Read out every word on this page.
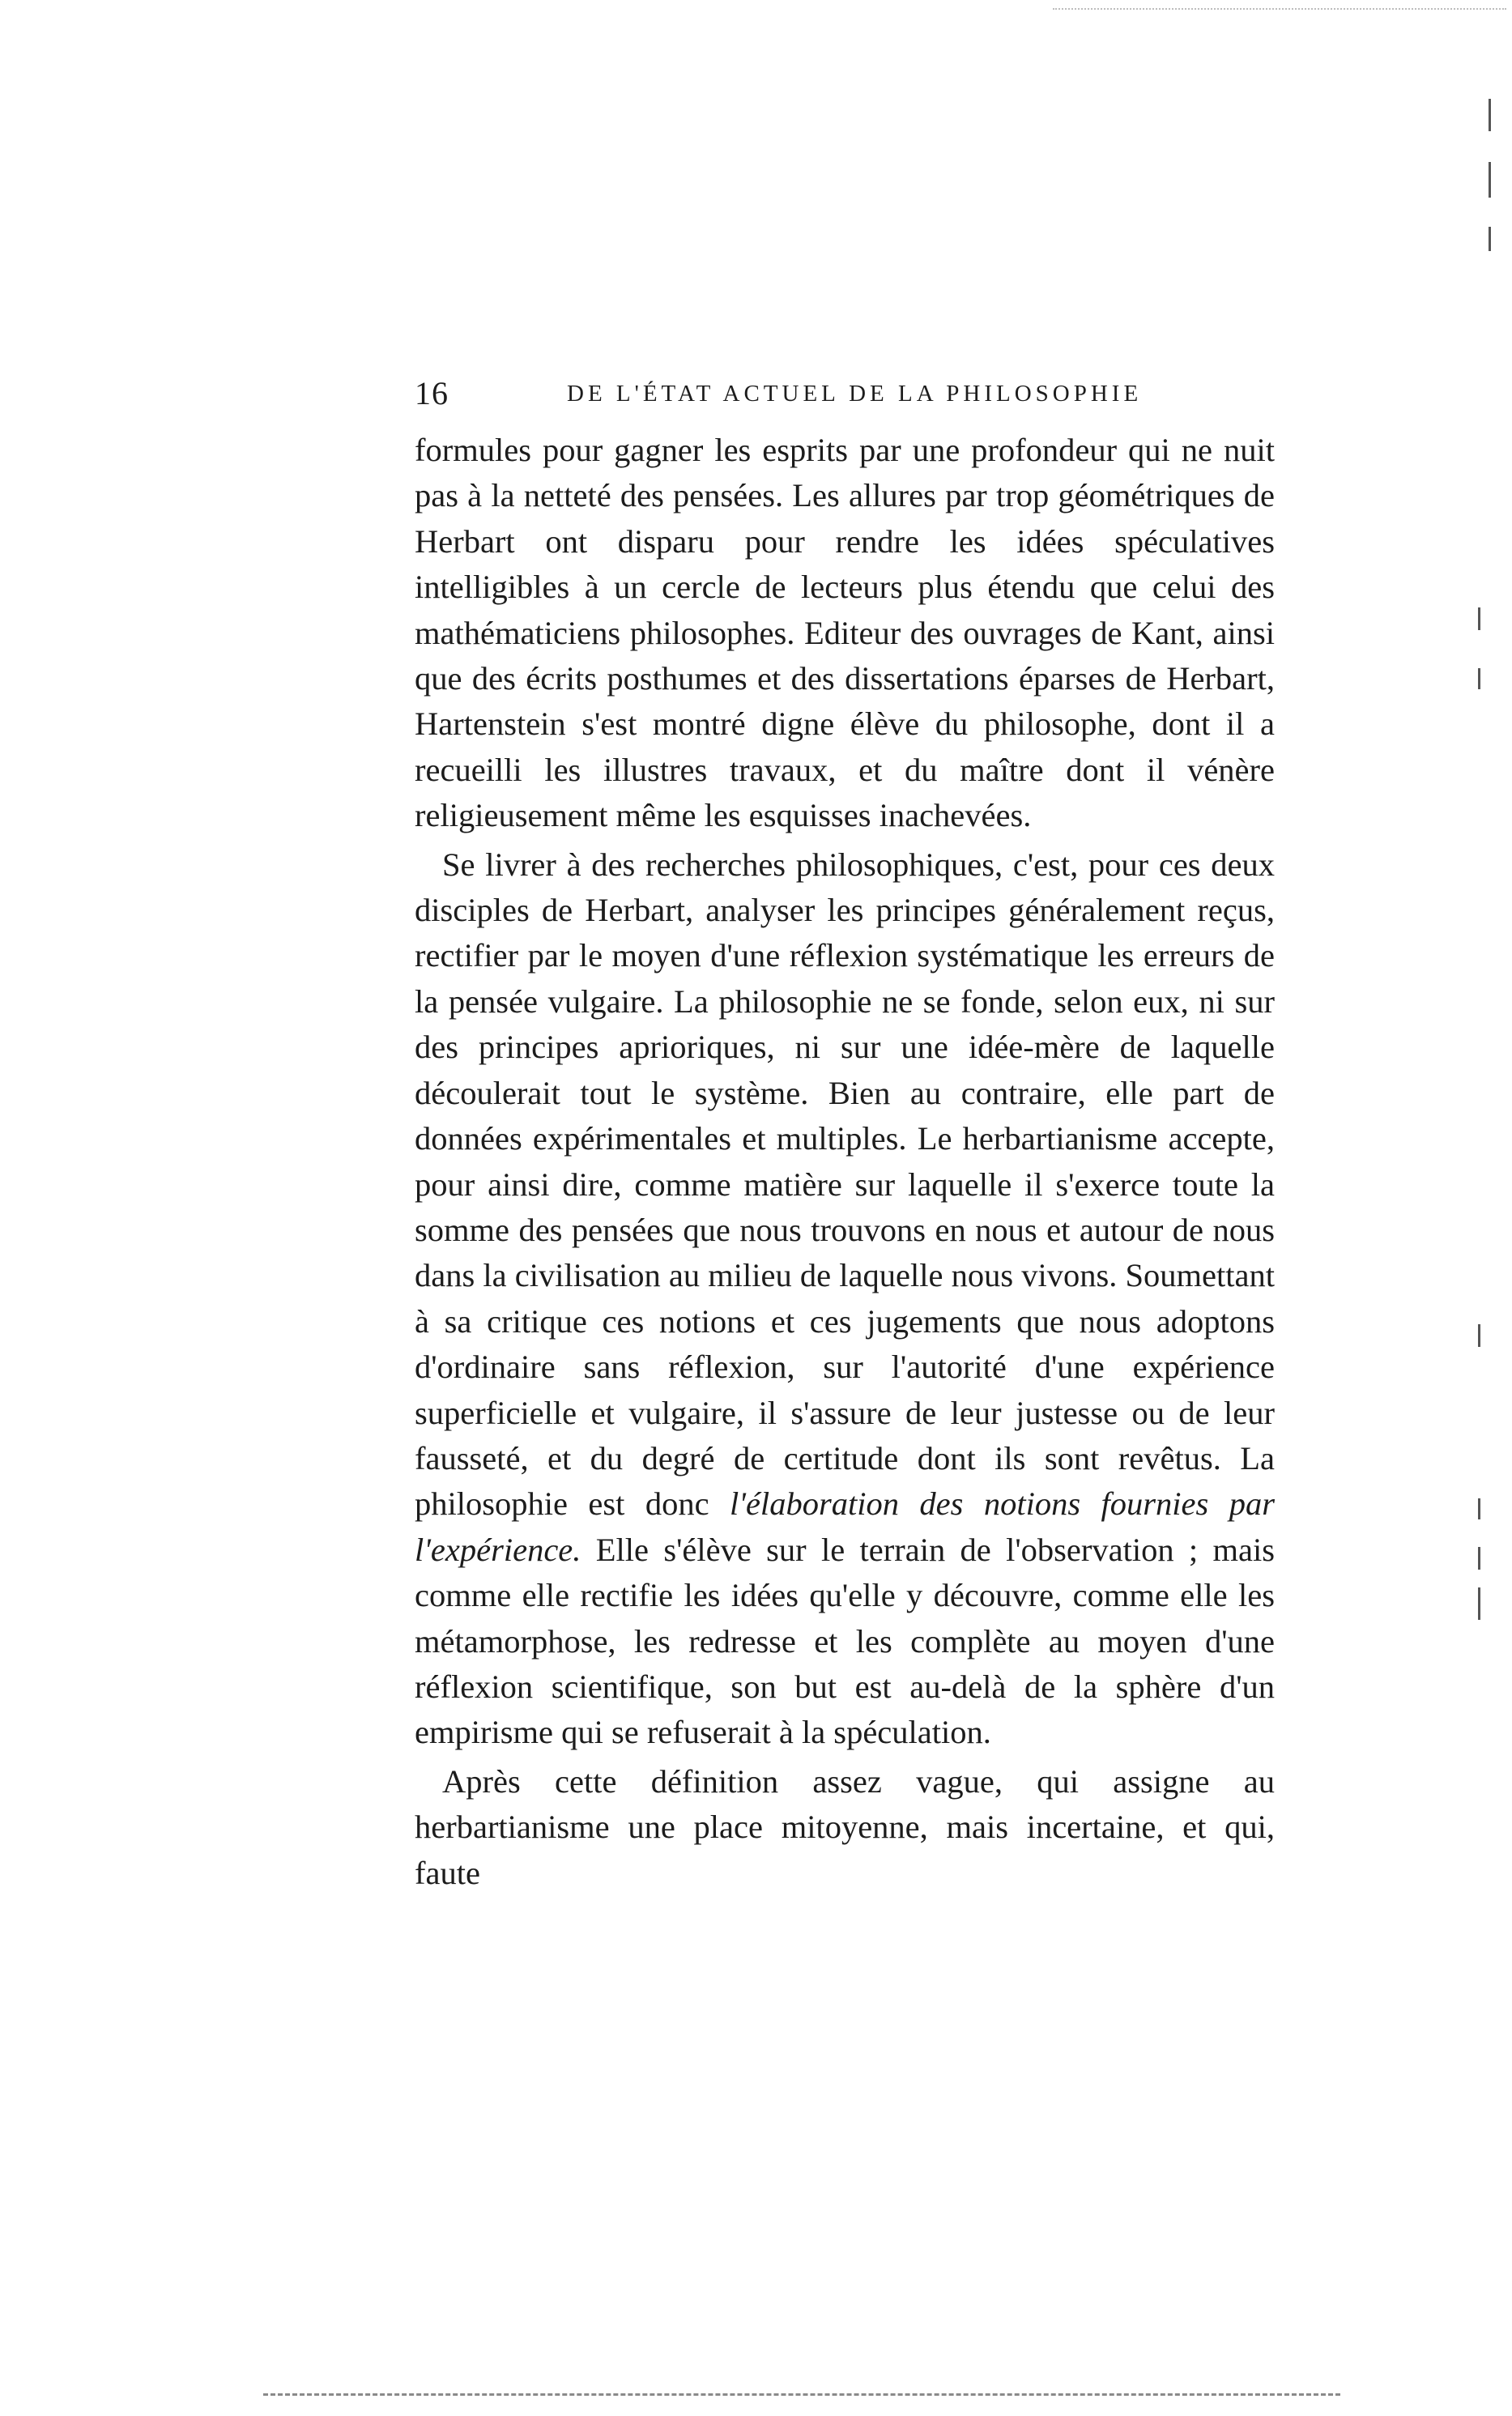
16	DE L'ÉTAT ACTUEL DE LA PHILOSOPHIE

formules pour gagner les esprits par une profondeur qui ne nuit pas à la netteté des pensées. Les allures par trop géométriques de Herbart ont disparu pour rendre les idées spéculatives intelligibles à un cercle de lecteurs plus étendu que celui des mathématiciens philosophes. Editeur des ouvrages de Kant, ainsi que des écrits posthumes et des dissertations éparses de Herbart, Hartenstein s'est montré digne élève du philosophe, dont il a recueilli les illustres travaux, et du maître dont il vénère religieusement même les esquisses inachevées.

Se livrer à des recherches philosophiques, c'est, pour ces deux disciples de Herbart, analyser les principes généralement reçus, rectifier par le moyen d'une réflexion systématique les erreurs de la pensée vulgaire. La philosophie ne se fonde, selon eux, ni sur des principes aprioriques, ni sur une idée-mère de laquelle découlerait tout le système. Bien au contraire, elle part de données expérimentales et multiples. Le herbartianisme accepte, pour ainsi dire, comme matière sur laquelle il s'exerce toute la somme des pensées que nous trouvons en nous et autour de nous dans la civilisation au milieu de laquelle nous vivons. Soumettant à sa critique ces notions et ces jugements que nous adoptons d'ordinaire sans réflexion, sur l'autorité d'une expérience superficielle et vulgaire, il s'assure de leur justesse ou de leur fausseté, et du degré de certitude dont ils sont revêtus. La philosophie est donc l'élaboration des notions fournies par l'expérience. Elle s'élève sur le terrain de l'observation ; mais comme elle rectifie les idées qu'elle y découvre, comme elle les métamorphose, les redresse et les complète au moyen d'une réflexion scientifique, son but est au-delà de la sphère d'un empirisme qui se refuserait à la spéculation.

Après cette définition assez vague, qui assigne au herbartianisme une place mitoyenne, mais incertaine, et qui, faute
